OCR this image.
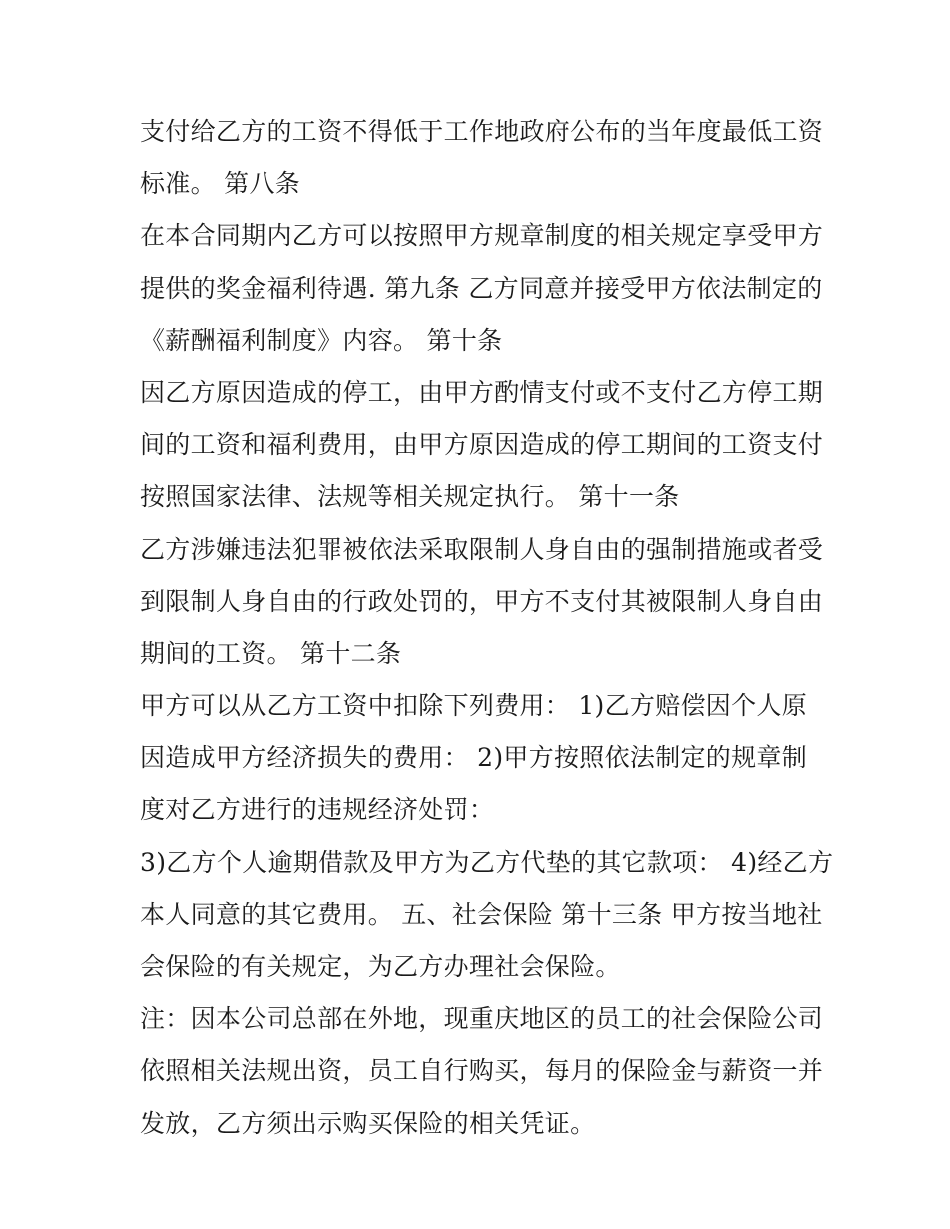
支付给乙方的工资不得低于工作地政府公布的当年度最低工资
标准。 第八条
在本合同期内乙方可以按照甲方规章制度的相关规定享受甲方
提供的奖金福利待遇. 第九条 乙方同意并接受甲方依法制定的
《薪酬福利制度》内容。 第十条
因乙方原因造成的停工，由甲方酌情支付或不支付乙方停工期
间的工资和福利费用，由甲方原因造成的停工期间的工资支付
按照国家法律、法规等相关规定执行。 第十一条
乙方涉嫌违法犯罪被依法采取限制人身自由的强制措施或者受
到限制人身自由的行政处罚的，甲方不支付其被限制人身自由
期间的工资。 第十二条
甲方可以从乙方工资中扣除下列费用： 1)乙方赔偿因个人原
因造成甲方经济损失的费用： 2)甲方按照依法制定的规章制
度对乙方进行的违规经济处罚：
3)乙方个人逾期借款及甲方为乙方代垫的其它款项： 4)经乙方
本人同意的其它费用。 五、社会保险 第十三条 甲方按当地社
会保险的有关规定，为乙方办理社会保险。
注：因本公司总部在外地，现重庆地区的员工的社会保险公司
依照相关法规出资，员工自行购买，每月的保险金与薪资一并
发放，乙方须出示购买保险的相关凭证。
